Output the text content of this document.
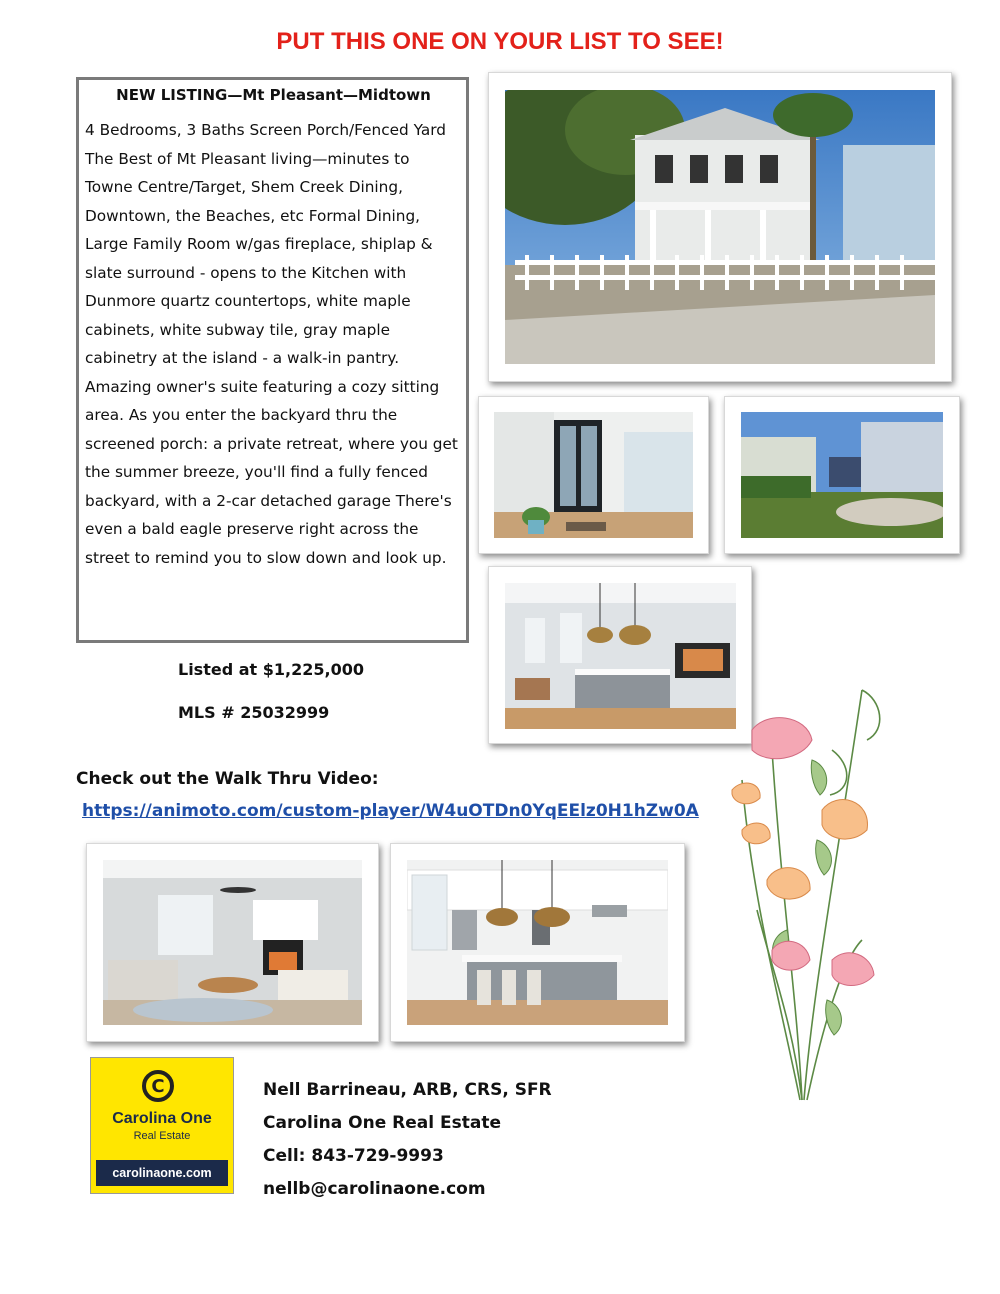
PUT THIS ONE ON YOUR LIST TO SEE!
NEW LISTING—Mt Pleasant—Midtown
4 Bedrooms, 3 Baths Screen Porch/Fenced Yard The Best of Mt Pleasant living—minutes to Towne Centre/Target, Shem Creek Dining, Downtown, the Beaches, etc Formal Dining, Large Family Room w/gas fireplace, shiplap & slate surround - opens to the Kitchen with Dunmore quartz countertops, white maple cabinets, white subway tile, gray maple cabinetry at the island - a walk-in pantry. Amazing owner's suite featuring a cozy sitting area. As you enter the backyard thru the screened porch: a private retreat, where you get the summer breeze, you'll find a fully fenced backyard, with a 2-car detached garage There's even a bald eagle preserve right across the street to remind you to slow down and look up.
Listed at $1,225,000
MLS # 25032999
Check out the Walk Thru Video:
https://animoto.com/custom-player/W4uOTDn0YqEElz0H1hZw0A
C
Carolina One
Real Estate
carolinaone.com
Nell Barrineau, ARB, CRS, SFR
Carolina One Real Estate
Cell: 843-729-9993
nellb@carolinaone.com
